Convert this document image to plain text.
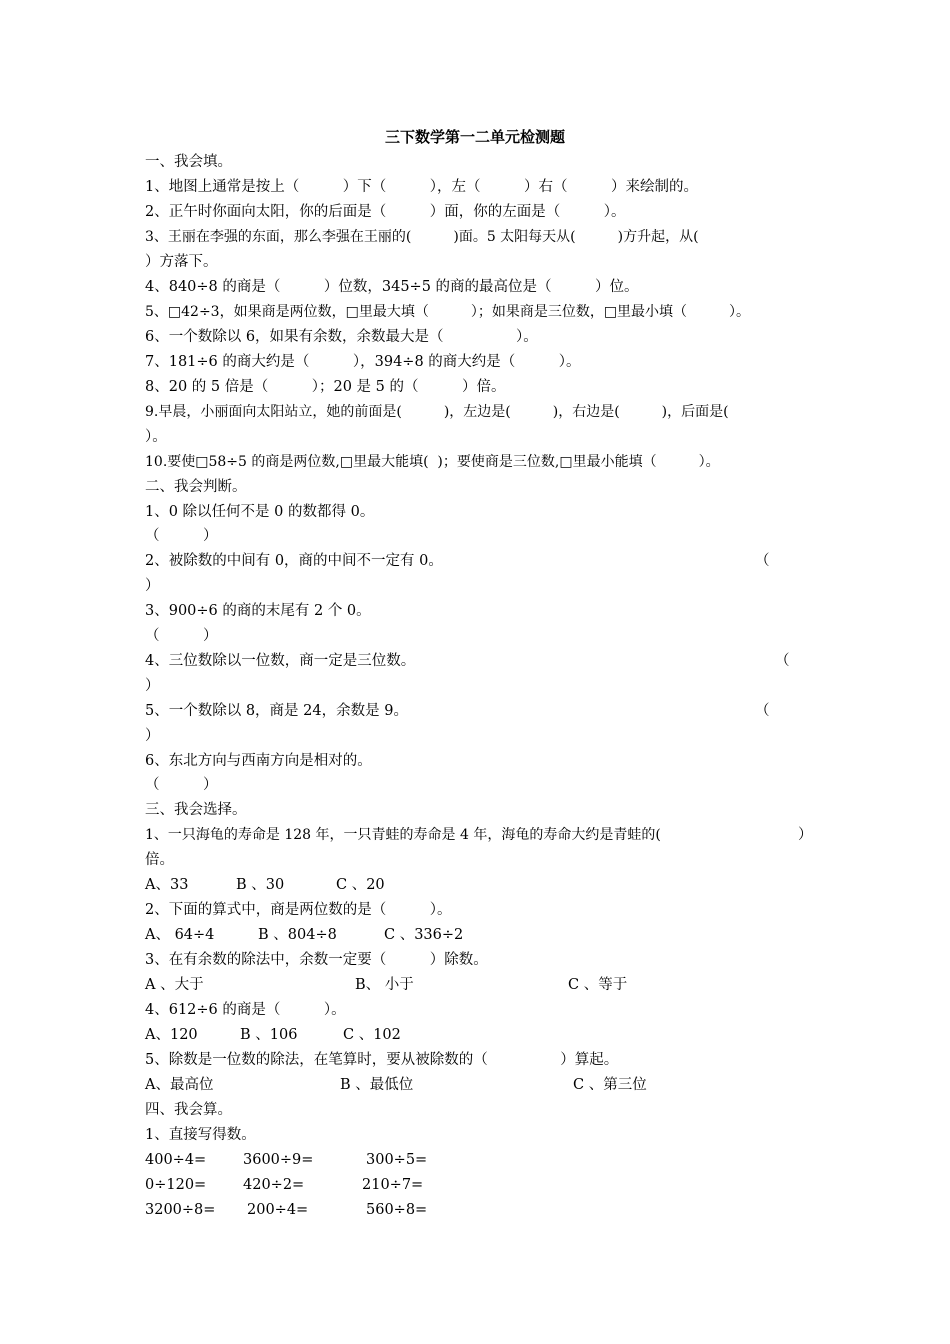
三下数学第一二单元检测题
一、我会填。
1、地图上通常是按上（　　　）下（　　　），左（　　　）右（　　　）来绘制的。
2、正午时你面向太阳，你的后面是（　　　）面，你的左面是（　　　）。
3、王丽在李强的东面，那么李强在王丽的(　　　)面。5 太阳每天从(　　　)方升起，从(
）方落下。
4、840÷8 的商是（　　　）位数，345÷5 的商的最高位是（　　　）位。
5、□42÷3，如果商是两位数，□里最大填（　　　）；如果商是三位数，□里最小填（　　　）。
6、一个数除以 6，如果有余数，余数最大是（　　　　　）。
7、181÷6 的商大约是（　　　），394÷8 的商大约是（　　　）。
8、20 的 5 倍是（　　　）；20 是 5 的（　　　）倍。
9.早晨，小丽面向太阳站立，她的前面是(　　　)，左边是(　　　)，右边是(　　　)，后面是(
）。
10.要使□58÷5 的商是两位数,□里最大能填(  )；要使商是三位数,□里最小能填（　　　）。
二、我会判断。
1、0 除以任何不是 0 的数都得 0。
（　　　）
2、被除数的中间有 0，商的中间不一定有 0。	（
）
3、900÷6 的商的末尾有 2 个 0。
（　　　）
4、三位数除以一位数，商一定是三位数。	（
）
5、一个数除以 8，商是 24，余数是 9。	（
）
6、东北方向与西南方向是相对的。
（　　　）
三、我会选择。
1、一只海龟的寿命是 128 年，一只青蛙的寿命是 4 年，海龟的寿命大约是青蛙的(	）
倍。
A、33	B 、30	C 、20
2、下面的算式中，商是两位数的是（　　　）。
A、 64÷4	B 、804÷8	C 、336÷2
3、在有余数的除法中，余数一定要（　　　）除数。
A 、大于	B、 小于	C 、等于
4、612÷6 的商是（　　　）。
A、120	B 、106	C 、102
5、除数是一位数的除法，在笔算时，要从被除数的（　　　　　）算起。
A、最高位	B 、最低位	C 、第三位
四、我会算。
1、直接写得数。
400÷4=	3600÷9=	300÷5=
0÷120=	420÷2=	210÷7=
3200÷8= 200÷4=	560÷8=
